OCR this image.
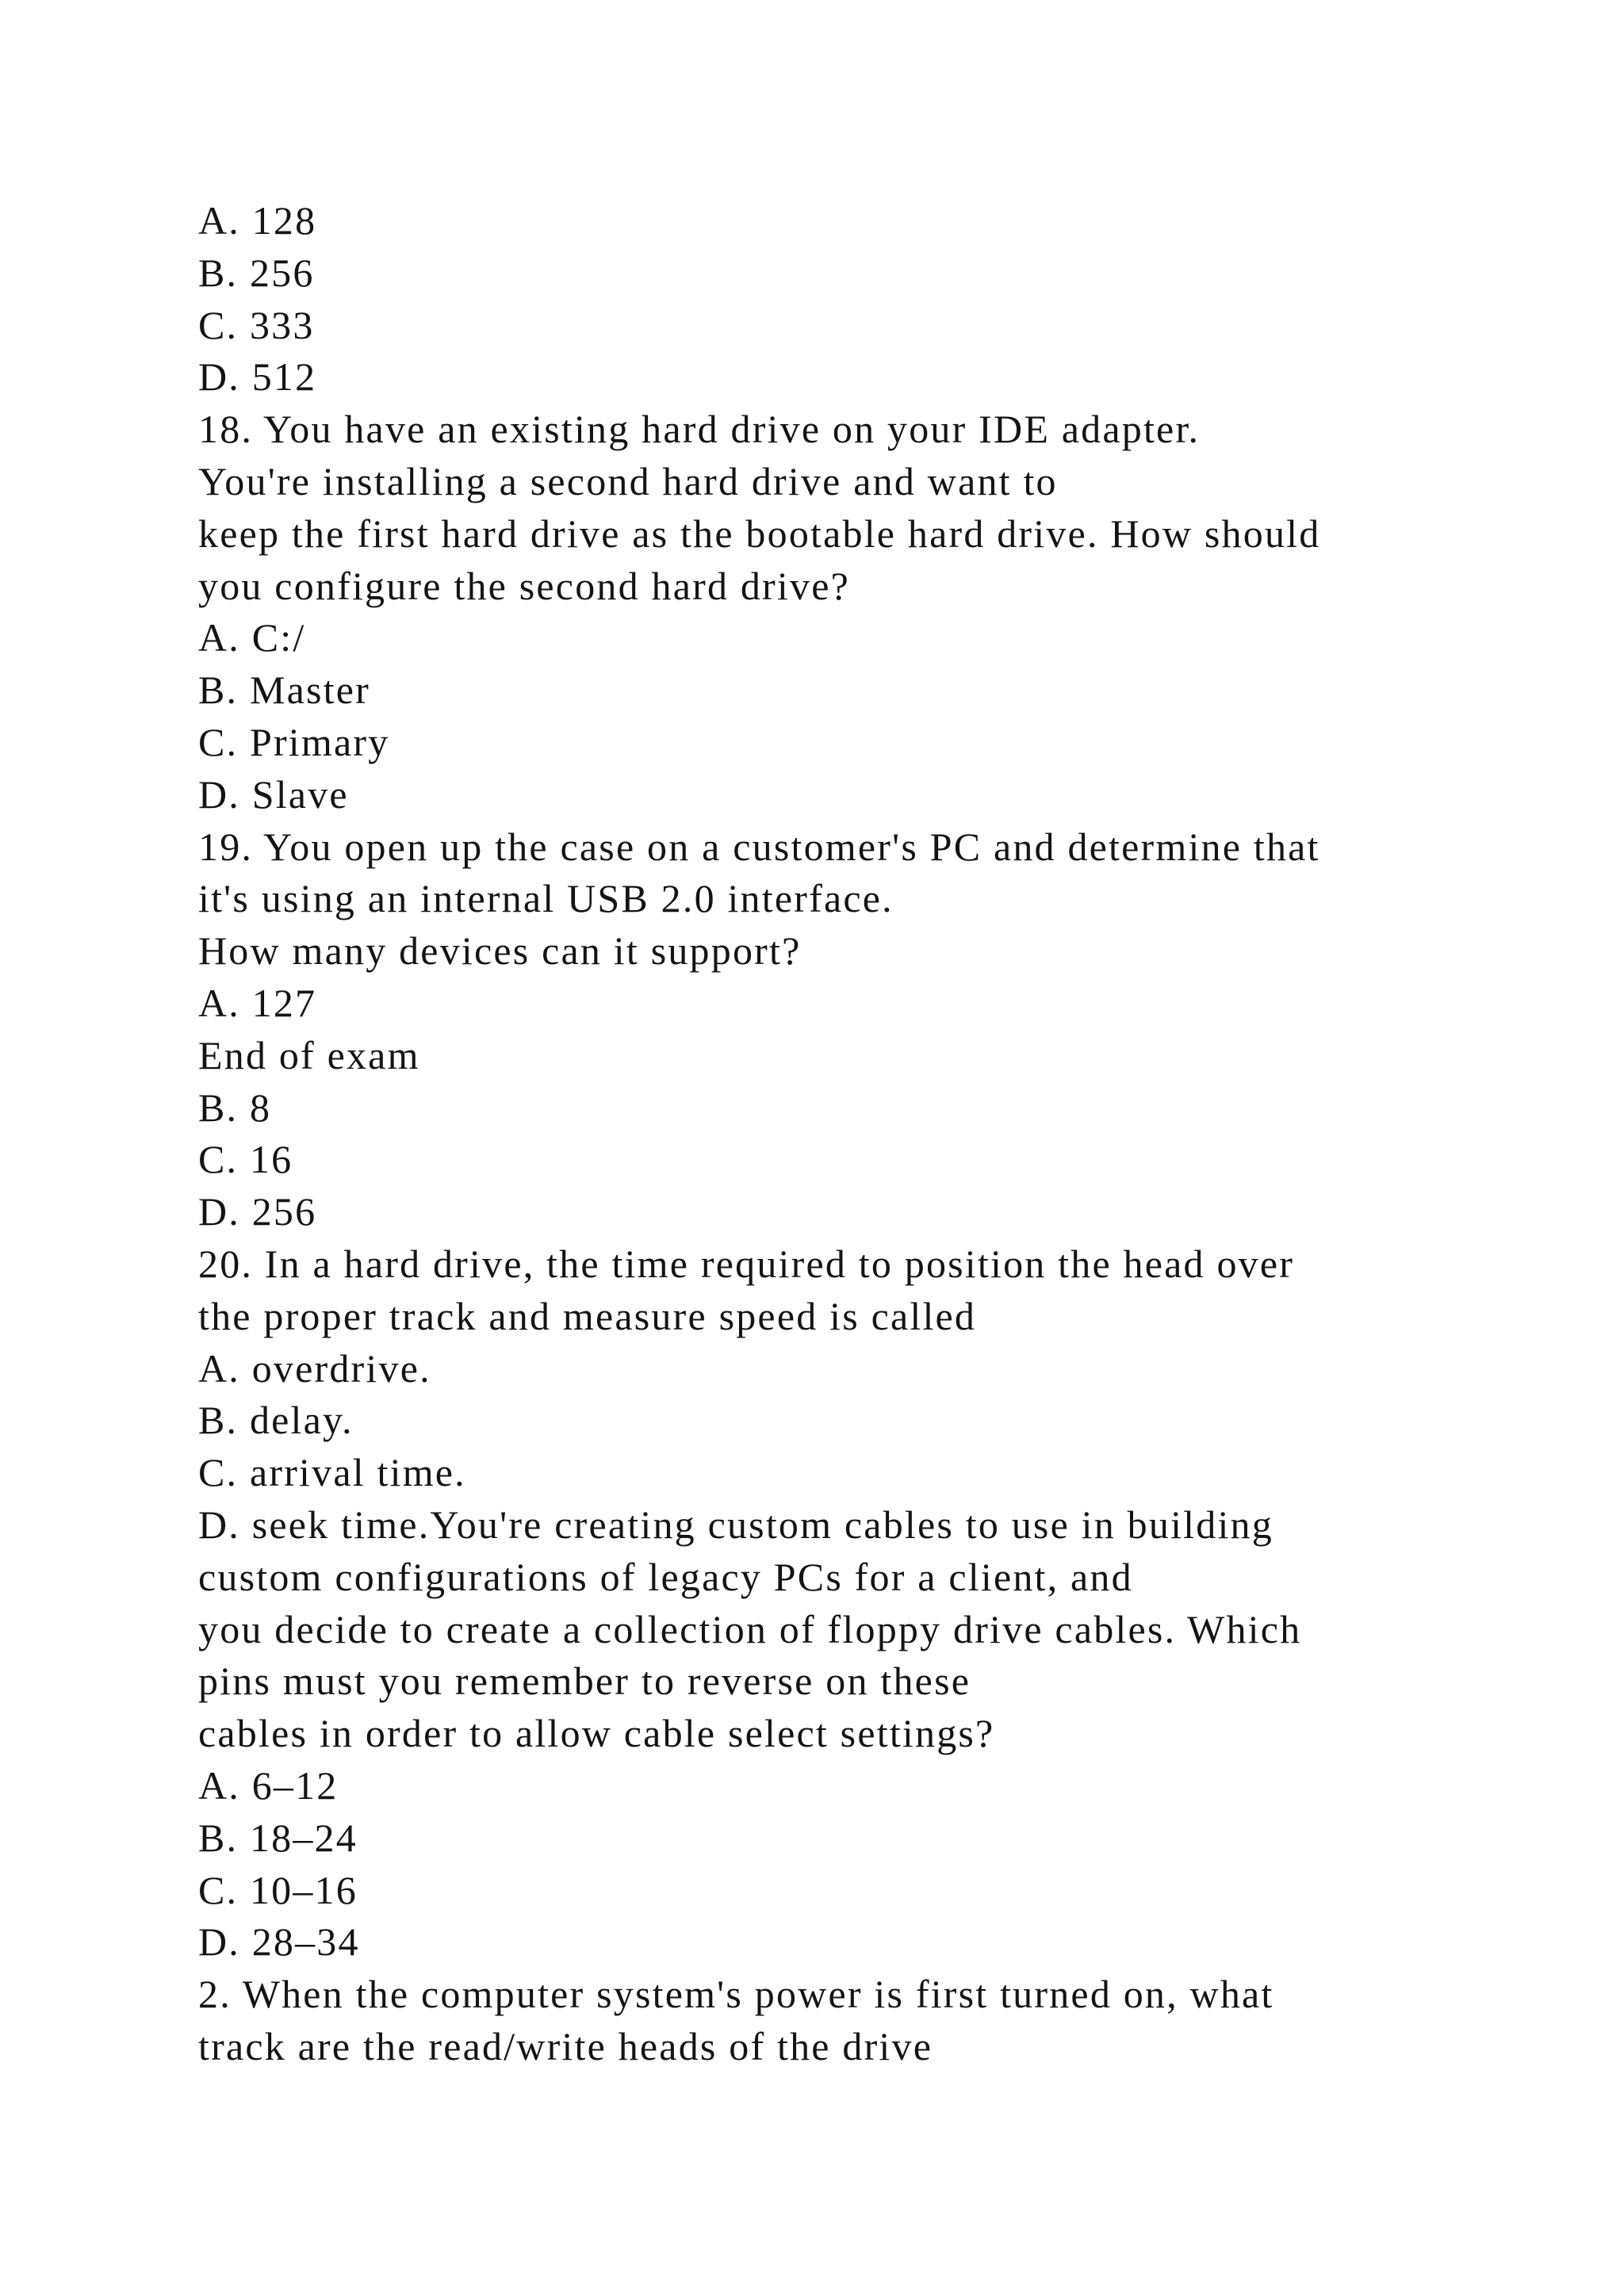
A. 128
B. 256
C. 333
D. 512
18. You have an existing hard drive on your IDE adapter.
You're installing a second hard drive and want to
keep the first hard drive as the bootable hard drive. How should
you configure the second hard drive?
A. C:/
B. Master
C. Primary
D. Slave
19. You open up the case on a customer's PC and determine that
it's using an internal USB 2.0 interface.
How many devices can it support?
A. 127
End of exam
B. 8
C. 16
D. 256
20. In a hard drive, the time required to position the head over
the proper track and measure speed is called
A. overdrive.
B. delay.
C. arrival time.
D. seek time.You're creating custom cables to use in building
custom configurations of legacy PCs for a client, and
you decide to create a collection of floppy drive cables. Which
pins must you remember to reverse on these
cables in order to allow cable select settings?
A. 6–12
B. 18–24
C. 10–16
D. 28–34
2. When the computer system's power is first turned on, what
track are the read/write heads of the drive
